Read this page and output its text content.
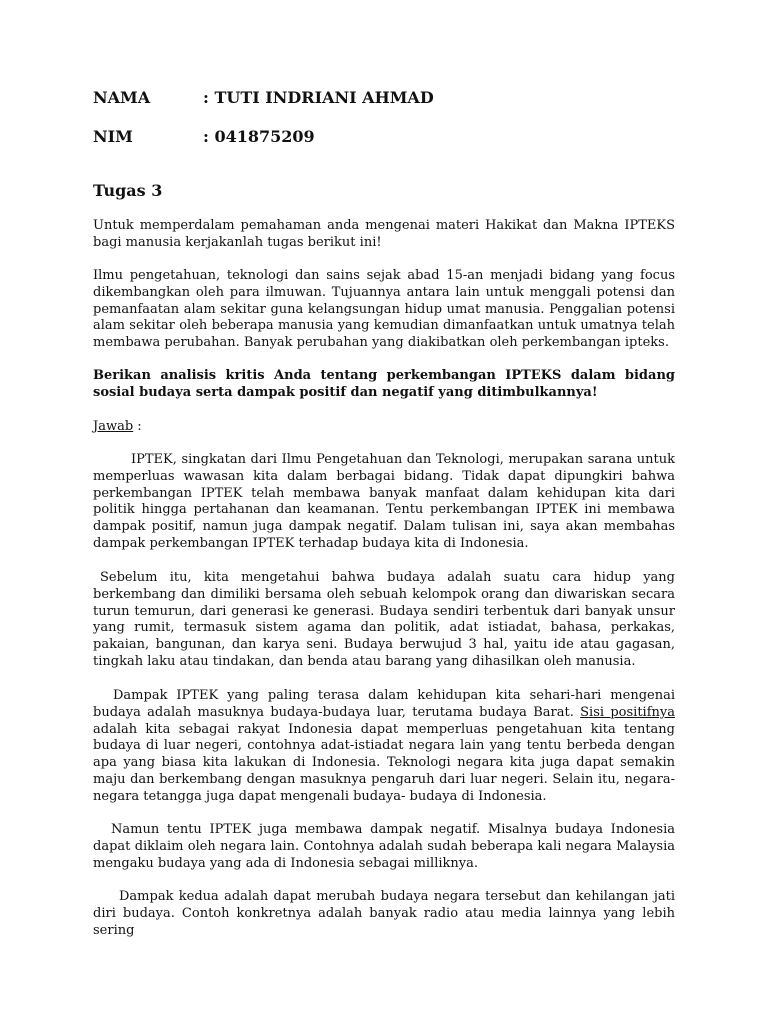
NAMA	: TUTI INDRIANI AHMAD
NIM	: 041875209
Tugas 3

Untuk memperdalam pemahaman anda mengenai materi Hakikat dan Makna IPTEKS bagi manusia kerjakanlah tugas berikut ini!

Ilmu pengetahuan, teknologi dan sains sejak abad 15-an menjadi bidang yang focus dikembangkan oleh para ilmuwan. Tujuannya antara lain untuk menggali potensi dan pemanfaatan alam sekitar guna kelangsungan hidup umat manusia. Penggalian potensi alam sekitar oleh beberapa manusia yang kemudian dimanfaatkan untuk umatnya telah membawa perubahan. Banyak perubahan yang diakibatkan oleh perkembangan ipteks.

Berikan analisis kritis Anda tentang perkembangan IPTEKS dalam bidang sosial budaya serta dampak positif dan negatif yang ditimbulkannya!

Jawab :

IPTEK, singkatan dari Ilmu Pengetahuan dan Teknologi, merupakan sarana untuk memperluas wawasan kita dalam berbagai bidang. Tidak dapat dipungkiri bahwa perkembangan IPTEK telah membawa banyak manfaat dalam kehidupan kita dari politik hingga pertahanan dan keamanan. Tentu perkembangan IPTEK ini membawa dampak positif, namun juga dampak negatif. Dalam tulisan ini, saya akan membahas dampak perkembangan IPTEK terhadap budaya kita di Indonesia.

Sebelum itu, kita mengetahui bahwa budaya adalah suatu cara hidup yang berkembang dan dimiliki bersama oleh sebuah kelompok orang dan diwariskan secara turun temurun, dari generasi ke generasi. Budaya sendiri terbentuk dari banyak unsur yang rumit, termasuk sistem agama dan politik, adat istiadat, bahasa, perkakas, pakaian, bangunan, dan karya seni. Budaya berwujud 3 hal, yaitu ide atau gagasan, tingkah laku atau tindakan, dan benda atau barang yang dihasilkan oleh manusia.

Dampak IPTEK yang paling terasa dalam kehidupan kita sehari-hari mengenai budaya adalah masuknya budaya-budaya luar, terutama budaya Barat. Sisi positifnya adalah kita sebagai rakyat Indonesia dapat memperluas pengetahuan kita tentang budaya di luar negeri, contohnya adat-istiadat negara lain yang tentu berbeda dengan apa yang biasa kita lakukan di Indonesia. Teknologi negara kita juga dapat semakin maju dan berkembang dengan masuknya pengaruh dari luar negeri. Selain itu, negara-negara tetangga juga dapat mengenali budaya- budaya di Indonesia.

Namun tentu IPTEK juga membawa dampak negatif. Misalnya budaya Indonesia dapat diklaim oleh negara lain. Contohnya adalah sudah beberapa kali negara Malaysia mengaku budaya yang ada di Indonesia sebagai milliknya.

Dampak kedua adalah dapat merubah budaya negara tersebut dan kehilangan jati diri budaya. Contoh konkretnya adalah banyak radio atau media lainnya yang lebih sering
